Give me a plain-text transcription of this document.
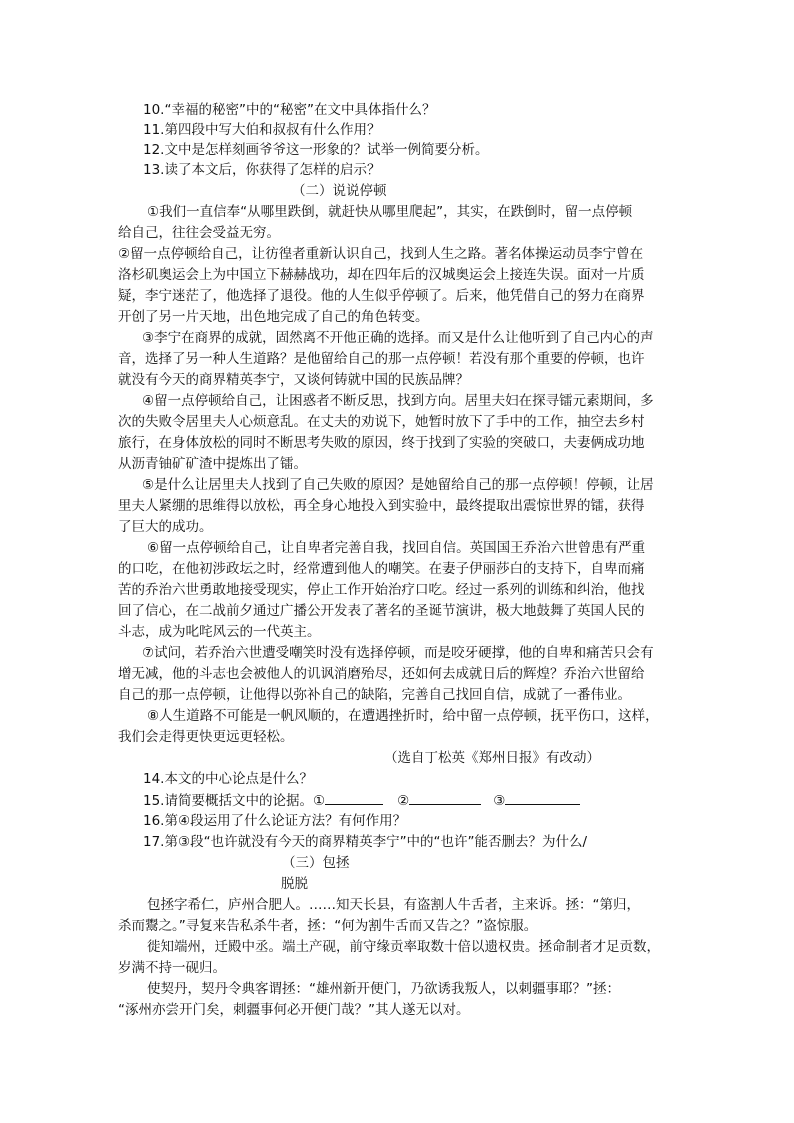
10.“幸福的秘密”中的“秘密”在文中具体指什么？
11.第四段中写大伯和叔叔有什么作用？
12.文中是怎样刻画爷爷这一形象的？试举一例简要分析。
13.读了本文后，你获得了怎样的启示？
（二）说说停顿
①我们一直信奉“从哪里跌倒，就赶快从哪里爬起”，其实，在跌倒时，留一点停顿
给自己，往往会受益无穷。
②留一点停顿给自己，让彷徨者重新认识自己，找到人生之路。著名体操运动员李宁曾在
洛杉矶奥运会上为中国立下赫赫战功，却在四年后的汉城奥运会上接连失误。面对一片质
疑，李宁迷茫了，他选择了退役。他的人生似乎停顿了。后来，他凭借自己的努力在商界
开创了另一片天地，出色地完成了自己的角色转变。
③李宁在商界的成就，固然离不开他正确的选择。而又是什么让他听到了自己内心的声
音，选择了另一种人生道路？是他留给自己的那一点停顿！若没有那个重要的停顿，也许
就没有今天的商界精英李宁，又谈何铸就中国的民族品牌？
④留一点停顿给自己，让困惑者不断反思，找到方向。居里夫妇在探寻镭元素期间，多
次的失败令居里夫人心烦意乱。在丈夫的劝说下，她暂时放下了手中的工作，抽空去乡村
旅行，在身体放松的同时不断思考失败的原因，终于找到了实验的突破口，夫妻俩成功地
从沥青铀矿矿渣中提炼出了镭。
⑤是什么让居里夫人找到了自己失败的原因？是她留给自己的那一点停顿！停顿，让居
里夫人紧绷的思维得以放松，再全身心地投入到实验中，最终提取出震惊世界的镭，获得
了巨大的成功。
⑥留一点停顿给自己，让自卑者完善自我，找回自信。英国国王乔治六世曾患有严重
的口吃，在他初涉政坛之时，经常遭到他人的嘲笑。在妻子伊丽莎白的支持下，自卑而痛
苦的乔治六世勇敢地接受现实，停止工作开始治疗口吃。经过一系列的训练和纠治，他找
回了信心，在二战前夕通过广播公开发表了著名的圣诞节演讲，极大地鼓舞了英国人民的
斗志，成为叱咤风云的一代英主。
⑦试问，若乔治六世遭受嘲笑时没有选择停顿，而是咬牙硬撑，他的自卑和痛苦只会有
增无减，他的斗志也会被他人的讥讽消磨殆尽，还如何去成就日后的辉煌？乔治六世留给
自己的那一点停顿，让他得以弥补自己的缺陷，完善自己找回自信，成就了一番伟业。
⑧人生道路不可能是一帆风顺的，在遭遇挫折时，给中留一点停顿，抚平伤口，这样，
我们会走得更快更远更轻松。
（选自丁松英《郑州日报》有改动）
14.本文的中心论点是什么？
15.请简要概括文中的论据。①	②	③
16.第④段运用了什么论证方法？有何作用？
17.第③段“也许就没有今天的商界精英李宁”中的“也许”能否删去？为什么/
（三）包拯
脱脱
包拯字希仁，庐州合肥人。……知天长县，有盗割人牛舌者，主来诉。拯：“第归，
杀而鬻之。”寻复来告私杀牛者，拯：“何为割牛舌而又告之？”盗惊服。
徙知端州，迁殿中丞。端土产砚，前守缘贡率取数十倍以遗权贵。拯命制者才足贡数，
岁满不持一砚归。
使契丹，契丹令典客谓拯：“雄州新开便门，乃欲诱我叛人，以刺疆事耶？”拯：
“涿州亦尝开门矣，刺疆事何必开便门哉？”其人遂无以对。
